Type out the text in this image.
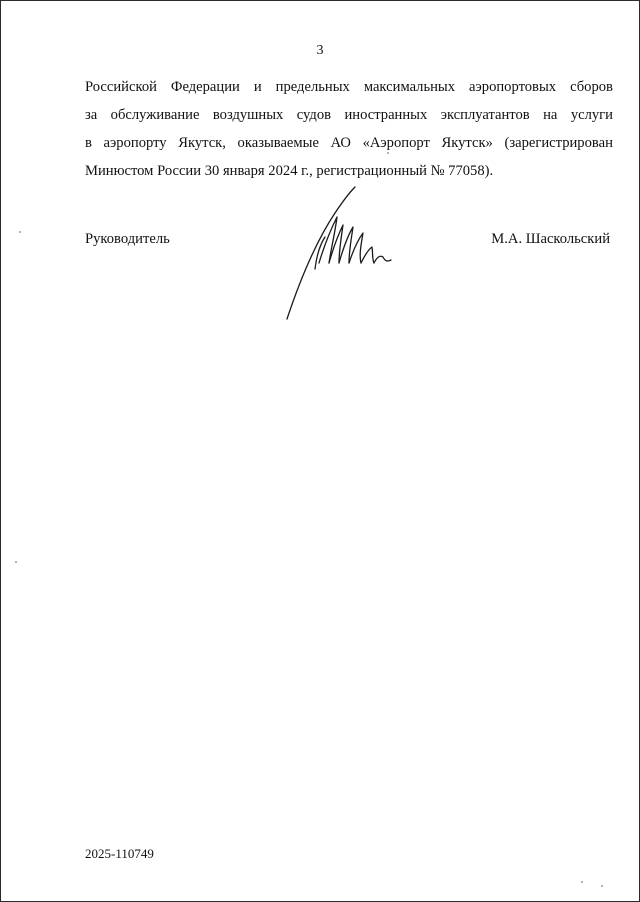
3
Российской Федерации и предельных максимальных аэропортовых сборов
за обслуживание воздушных судов иностранных эксплуатантов на услуги
в аэропорту Якутск, оказываемые АО «Аэропорт Якутск» (зарегистрирован
Минюстом России 30 января 2024 г., регистрационный № 77058).
Руководитель	М.А. Шаскольский
2025-110749
